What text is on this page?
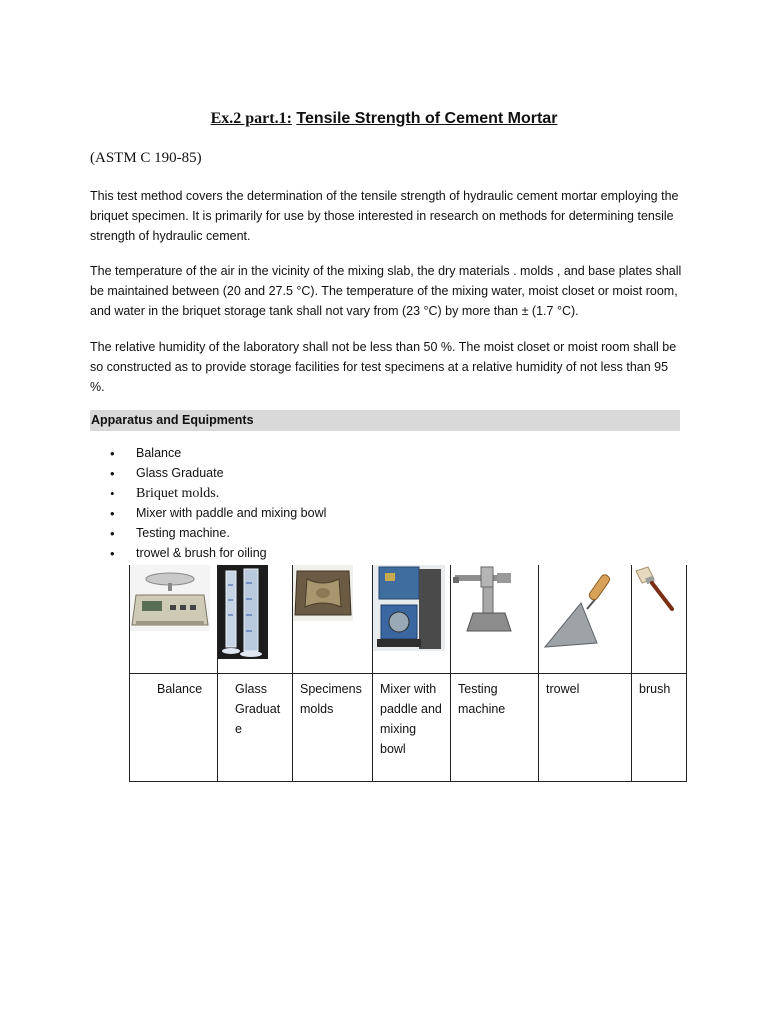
Ex.2 part.1: Tensile Strength of Cement Mortar
(ASTM C 190-85)

This test method covers the determination of the tensile strength of hydraulic cement mortar employing the briquet specimen. It is primarily for use by those interested in research on methods for determining tensile strength of hydraulic cement.

The temperature of the air in the vicinity of the mixing slab, the dry materials . molds , and base plates shall be maintained between (20 and 27.5 °C). The temperature of the mixing water, moist closet or moist room, and water in the briquet storage tank shall not vary from (23 °C) by more than ± (1.7 °C).

The relative humidity of the laboratory shall not be less than 50 %. The moist closet or moist room shall be so constructed as to provide storage facilities for test specimens at a relative humidity of not less than 95 %.

Apparatus and Equipments
• Balance
• Glass Graduate
• Briquet molds.
• Mixer with paddle and mixing bowl
• Testing machine.
• trowel & brush for oiling

Balance	Glass Graduat e	Specimens molds	Mixer with paddle and mixing bowl	Testing machine	trowel	brush
